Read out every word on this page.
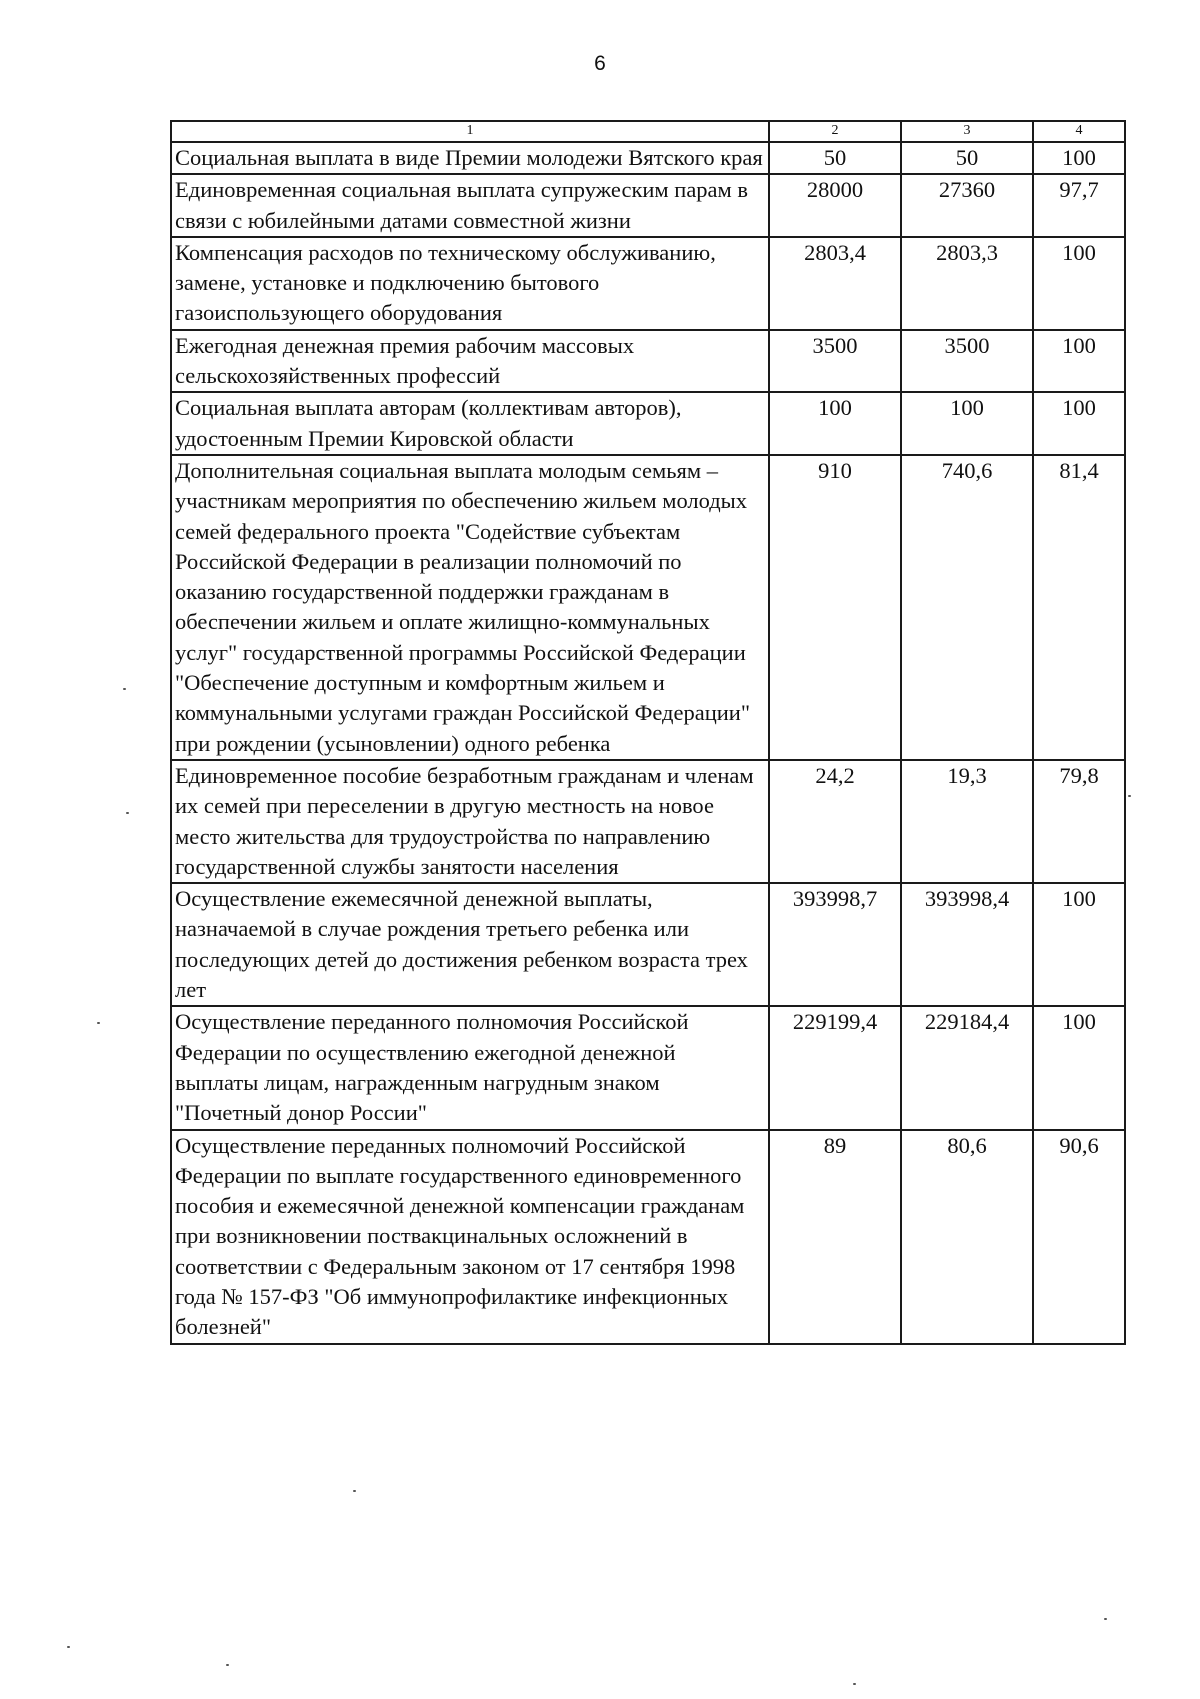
6
1	2	3	4
Социальная выплата в виде Премии молодежи Вятского края	50	50	100
Единовременная социальная выплата супружеским парам в связи с юбилейными датами совместной жизни	28000	27360	97,7
Компенсация расходов по техническому обслуживанию, замене, установке и подключению бытового газоиспользующего оборудования	2803,4	2803,3	100
Ежегодная денежная премия рабочим массовых сельскохозяйственных профессий	3500	3500	100
Социальная выплата авторам (коллективам авторов), удостоенным Премии Кировской области	100	100	100
Дополнительная социальная выплата молодым семьям – участникам мероприятия по обеспечению жильем молодых семей федерального проекта "Содействие субъектам Российской Федерации в реализации полномочий по оказанию государственной поддержки гражданам в обеспечении жильем и оплате жилищно-коммунальных услуг" государственной программы Российской Федерации "Обеспечение доступным и комфортным жильем и коммунальными услугами граждан Российской Федерации" при рождении (усыновлении) одного ребенка	910	740,6	81,4
Единовременное пособие безработным гражданам и членам их семей при переселении в другую местность на новое место жительства для трудоустройства по направлению государственной службы занятости населения	24,2	19,3	79,8
Осуществление ежемесячной денежной выплаты, назначаемой в случае рождения третьего ребенка или последующих детей до достижения ребенком возраста трех лет	393998,7	393998,4	100
Осуществление переданного полномочия Российской Федерации по осуществлению ежегодной денежной выплаты лицам, награжденным нагрудным знаком "Почетный донор России"	229199,4	229184,4	100
Осуществление переданных полномочий Российской Федерации по выплате государственного единовременного пособия и ежемесячной денежной компенсации гражданам при возникновении поствакцинальных осложнений в соответствии с Федеральным законом от 17 сентября 1998 года № 157-ФЗ "Об иммунопрофилактике инфекционных болезней"	89	80,6	90,6
